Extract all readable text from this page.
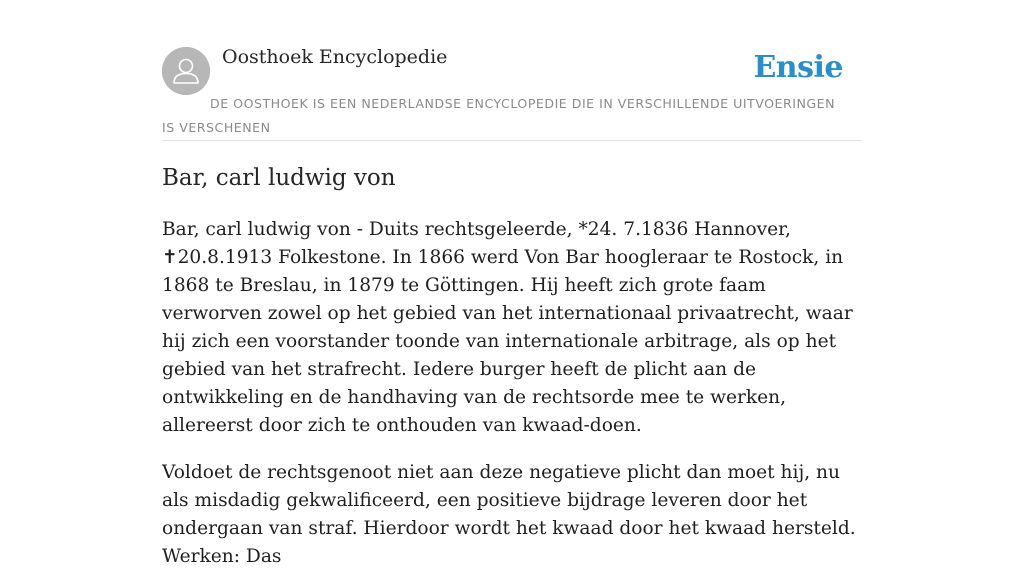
Oosthoek Encyclopedie	Ensie
DE OOSTHOEK IS EEN NEDERLANDSE ENCYCLOPEDIE DIE IN VERSCHILLENDE UITVOERINGEN IS VERSCHENEN
Bar, carl ludwig von

Bar, carl ludwig von - Duits rechtsgeleerde, *24. 7.1836 Hannover, ✝20.8.1913 Folkestone. In 1866 werd Von Bar hoogleraar te Rostock, in 1868 te Breslau, in 1879 te Göttingen. Hij heeft zich grote faam verworven zowel op het gebied van het internationaal privaatrecht, waar hij zich een voorstander toonde van internationale arbitrage, als op het gebied van het strafrecht. Iedere burger heeft de plicht aan de ontwikkeling en de handhaving van de rechtsorde mee te werken, allereerst door zich te onthouden van kwaad-doen.

Voldoet de rechtsgenoot niet aan deze negatieve plicht dan moet hij, nu als misdadig gekwalificeerd, een positieve bijdrage leveren door het ondergaan van straf. Hierdoor wordt het kwaad door het kwaad hersteld. Werken: Das
